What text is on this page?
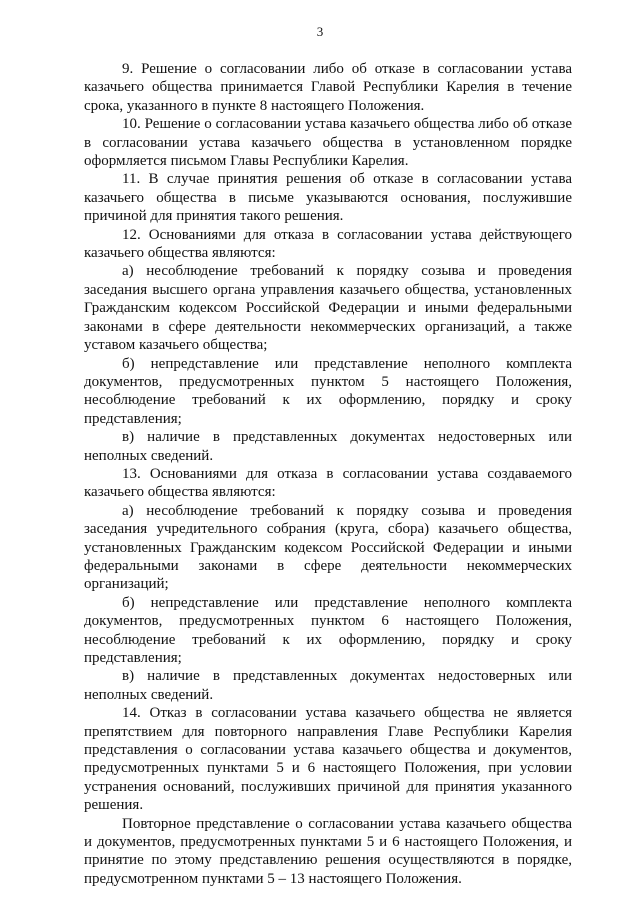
3

9. Решение о согласовании либо об отказе в согласовании устава казачьего общества принимается Главой Республики Карелия в течение срока, указанного в пункте 8 настоящего Положения.

10. Решение о согласовании устава казачьего общества либо об отказе в согласовании устава казачьего общества в установленном порядке оформляется письмом Главы Республики Карелия.

11. В случае принятия решения об отказе в согласовании устава казачьего общества в письме указываются основания, послужившие причиной для принятия такого решения.

12. Основаниями для отказа в согласовании устава действующего казачьего общества являются:

а) несоблюдение требований к порядку созыва и проведения заседания высшего органа управления казачьего общества, установленных Гражданским кодексом Российской Федерации и иными федеральными законами в сфере деятельности некоммерческих организаций, а также уставом казачьего общества;

б) непредставление или представление неполного комплекта документов, предусмотренных пунктом 5 настоящего Положения, несоблюдение требований к их оформлению, порядку и сроку представления;

в) наличие в представленных документах недостоверных или неполных сведений.

13. Основаниями для отказа в согласовании устава создаваемого казачьего общества являются:

а) несоблюдение требований к порядку созыва и проведения заседания учредительного собрания (круга, сбора) казачьего общества, установленных Гражданским кодексом Российской Федерации и иными федеральными законами в сфере деятельности некоммерческих организаций;

б) непредставление или представление неполного комплекта документов, предусмотренных пунктом 6 настоящего Положения, несоблюдение требований к их оформлению, порядку и сроку представления;

в) наличие в представленных документах недостоверных или неполных сведений.

14. Отказ в согласовании устава казачьего общества не является препятствием для повторного направления Главе Республики Карелия представления о согласовании устава казачьего общества и документов, предусмотренных пунктами 5 и 6 настоящего Положения, при условии устранения оснований, послуживших причиной для принятия указанного решения.

Повторное представление о согласовании устава казачьего общества и документов, предусмотренных пунктами 5 и 6 настоящего Положения, и принятие по этому представлению решения осуществляются в порядке, предусмотренном пунктами 5 – 13 настоящего Положения.
